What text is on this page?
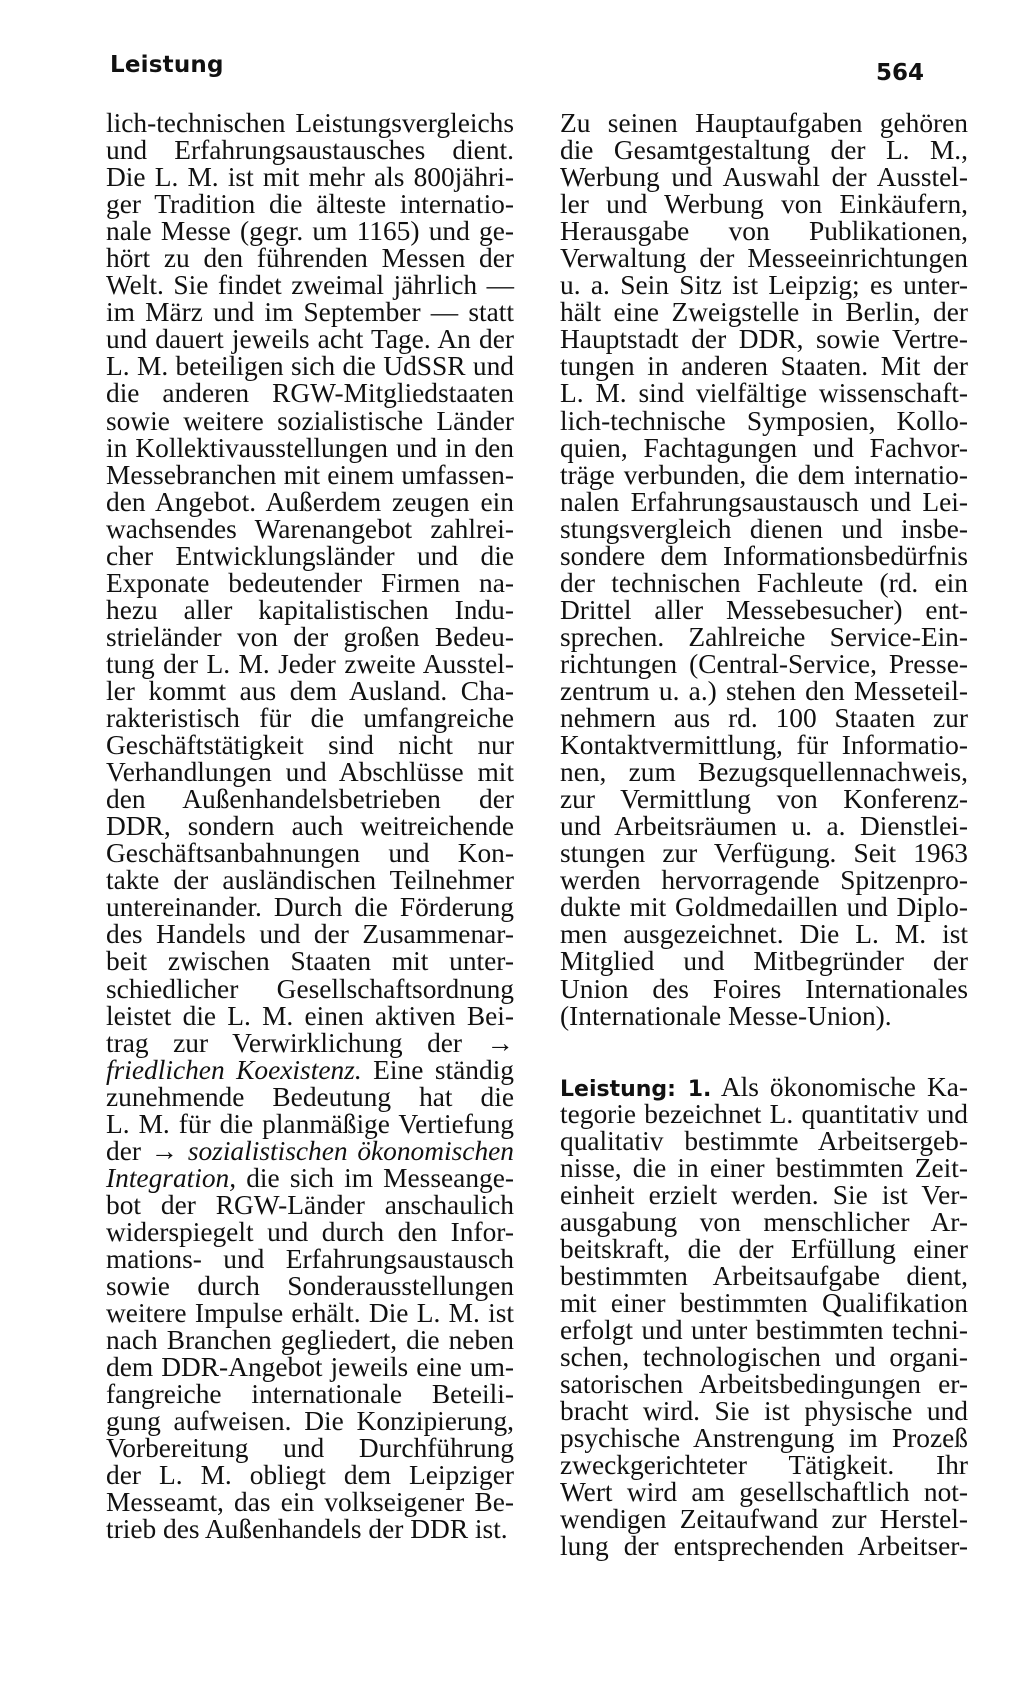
Leistung	564
lich-technischen Leistungsvergleichs
und Erfahrungsaustausches dient.
Die L. M. ist mit mehr als 800jähri-
ger Tradition die älteste internatio-
nale Messe (gegr. um 1165) und ge-
hört zu den führenden Messen der
Welt. Sie findet zweimal jährlich —
im März und im September — statt
und dauert jeweils acht Tage. An der
L. M. beteiligen sich die UdSSR und
die anderen RGW-Mitgliedstaaten
sowie weitere sozialistische Länder
in Kollektivausstellungen und in den
Messebranchen mit einem umfassen-
den Angebot. Außerdem zeugen ein
wachsendes Warenangebot zahlrei-
cher Entwicklungsländer und die
Exponate bedeutender Firmen na-
hezu aller kapitalistischen Indu-
strieländer von der großen Bedeu-
tung der L. M. Jeder zweite Ausstel-
ler kommt aus dem Ausland. Cha-
rakteristisch für die umfangreiche
Geschäftstätigkeit sind nicht nur
Verhandlungen und Abschlüsse mit
den Außenhandelsbetrieben der
DDR, sondern auch weitreichende
Geschäftsanbahnungen und Kon-
takte der ausländischen Teilnehmer
untereinander. Durch die Förderung
des Handels und der Zusammenar-
beit zwischen Staaten mit unter-
schiedlicher Gesellschaftsordnung
leistet die L. M. einen aktiven Bei-
trag zur Verwirklichung der →
friedlichen Koexistenz. Eine ständig
zunehmende Bedeutung hat die
L. M. für die planmäßige Vertiefung
der → sozialistischen ökonomischen
Integration, die sich im Messeange-
bot der RGW-Länder anschaulich
widerspiegelt und durch den Infor-
mations- und Erfahrungsaustausch
sowie durch Sonderausstellungen
weitere Impulse erhält. Die L. M. ist
nach Branchen gegliedert, die neben
dem DDR-Angebot jeweils eine um-
fangreiche internationale Beteili-
gung aufweisen. Die Konzipierung,
Vorbereitung und Durchführung
der L. M. obliegt dem Leipziger
Messeamt, das ein volkseigener Be-
trieb des Außenhandels der DDR ist.
Zu seinen Hauptaufgaben gehören
die Gesamtgestaltung der L. M.,
Werbung und Auswahl der Ausstel-
ler und Werbung von Einkäufern,
Herausgabe von Publikationen,
Verwaltung der Messeeinrichtungen
u. a. Sein Sitz ist Leipzig; es unter-
hält eine Zweigstelle in Berlin, der
Hauptstadt der DDR, sowie Vertre-
tungen in anderen Staaten. Mit der
L. M. sind vielfältige wissenschaft-
lich-technische Symposien, Kollo-
quien, Fachtagungen und Fachvor-
träge verbunden, die dem internatio-
nalen Erfahrungsaustausch und Lei-
stungsvergleich dienen und insbe-
sondere dem Informationsbedürfnis
der technischen Fachleute (rd. ein
Drittel aller Messebesucher) ent-
sprechen. Zahlreiche Service-Ein-
richtungen (Central-Service, Presse-
zentrum u. a.) stehen den Messeteil-
nehmern aus rd. 100 Staaten zur
Kontaktvermittlung, für Informatio-
nen, zum Bezugsquellennachweis,
zur Vermittlung von Konferenz-
und Arbeitsräumen u. a. Dienstlei-
stungen zur Verfügung. Seit 1963
werden hervorragende Spitzenpro-
dukte mit Goldmedaillen und Diplo-
men ausgezeichnet. Die L. M. ist
Mitglied und Mitbegründer der
Union des Foires Internationales
(Internationale Messe-Union).
Leistung: 1. Als ökonomische Ka-
tegorie bezeichnet L. quantitativ und
qualitativ bestimmte Arbeitsergeb-
nisse, die in einer bestimmten Zeit-
einheit erzielt werden. Sie ist Ver-
ausgabung von menschlicher Ar-
beitskraft, die der Erfüllung einer
bestimmten Arbeitsaufgabe dient,
mit einer bestimmten Qualifikation
erfolgt und unter bestimmten techni-
schen, technologischen und organi-
satorischen Arbeitsbedingungen er-
bracht wird. Sie ist physische und
psychische Anstrengung im Prozeß
zweckgerichteter Tätigkeit. Ihr
Wert wird am gesellschaftlich not-
wendigen Zeitaufwand zur Herstel-
lung der entsprechenden Arbeitser-
